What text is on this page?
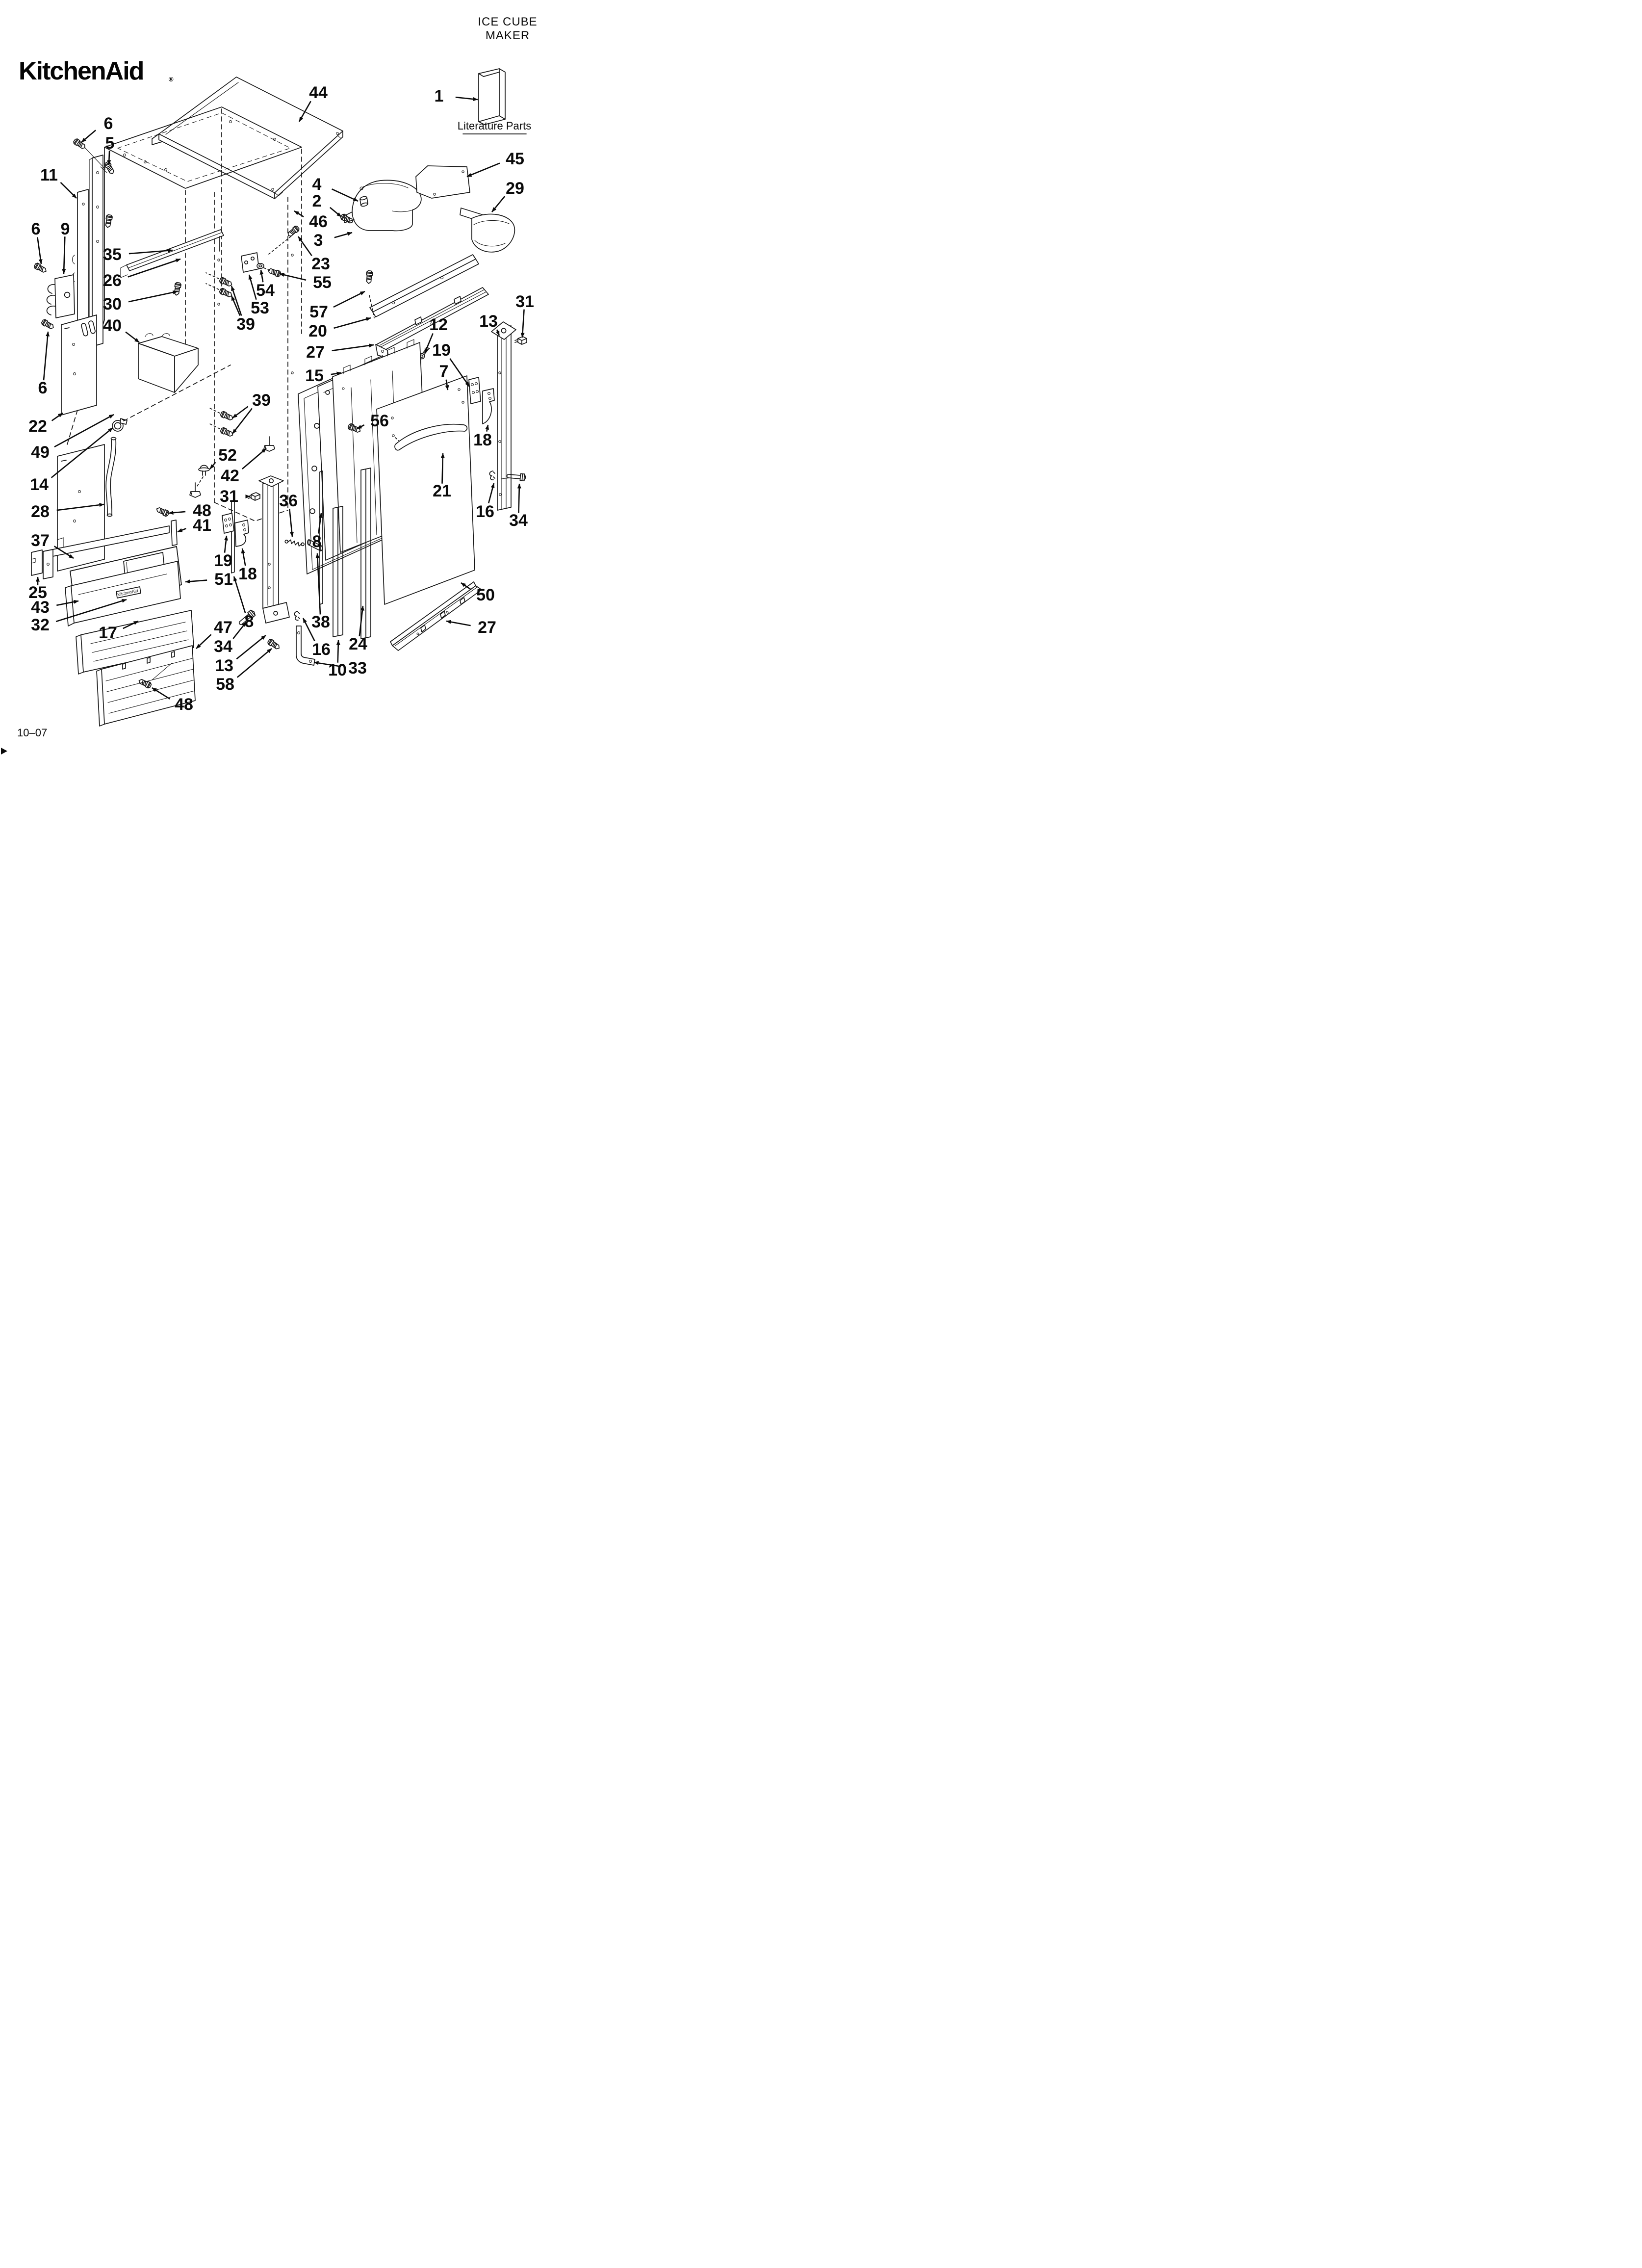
KitchenAid	®
ICE CUBE
MAKER
Literature Parts
KitchenAid
10–07
1
6
5
11
44
4
2
46
3
23
55
45
29
6 9
35
26
30
40
53
54
39
57
20
27
12
19
7
13
31
15
56
18
21
16 34
22
49
14
28
37
39
52
42
31 36
8
8	38
16
10
24
33
50
27
19
18
51
17	47
34
13
58
48
41
25
43
32
48
6
